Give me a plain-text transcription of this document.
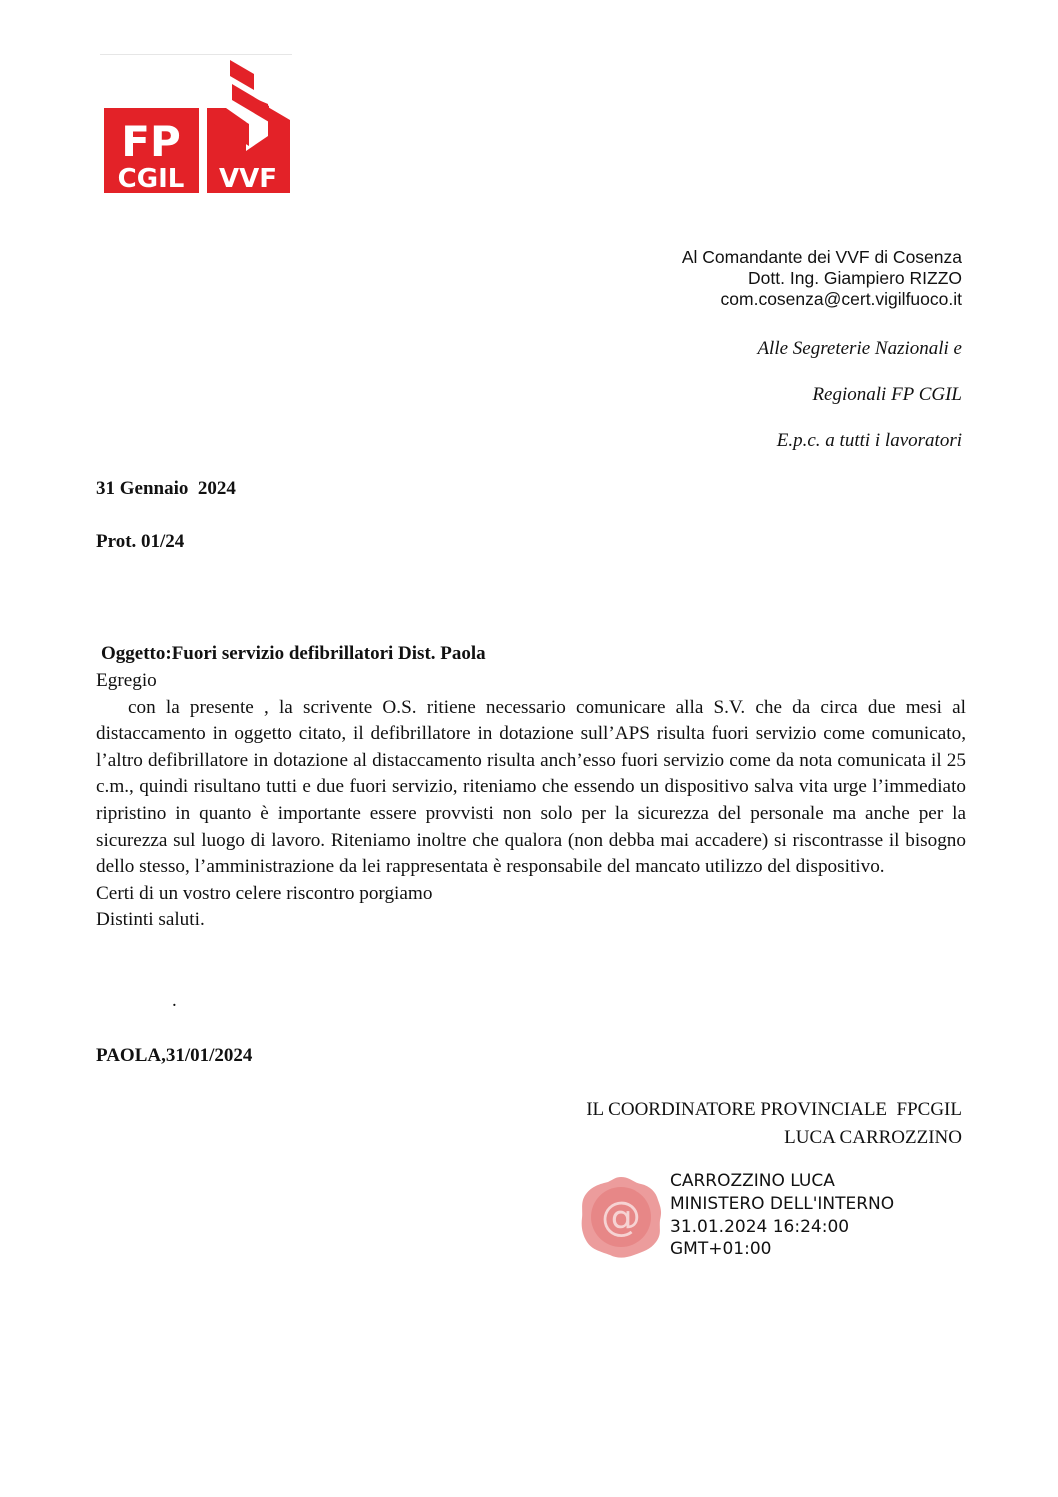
FP
CGIL VVF
Al Comandante dei VVF di Cosenza
Dott. Ing. Giampiero RIZZO
com.cosenza@cert.vigilfuoco.it
Alle Segreterie Nazionali e
Regionali FP CGIL
E.p.c. a tutti i lavoratori
31 Gennaio  2024
Prot. 01/24
Oggetto:Fuori servizio defibrillatori Dist. Paola

Egregio

con la presente , la scrivente O.S. ritiene necessario comunicare alla S.V. che da circa due mesi al distaccamento in oggetto citato, il defibrillatore in dotazione sull’APS risulta fuori servizio come comunicato, l’altro defibrillatore in dotazione al distaccamento risulta anch’esso fuori servizio come da nota comunicata il 25 c.m., quindi risultano tutti e due fuori servizio, riteniamo che essendo un dispositivo salva vita urge l’immediato ripristino in quanto è importante essere provvisti non solo per la sicurezza del personale ma anche per la sicurezza sul luogo di lavoro. Riteniamo inoltre che qualora (non debba mai accadere) si riscontrasse il bisogno dello stesso, l’amministrazione da lei rappresentata è responsabile del mancato utilizzo del dispositivo.

Certi di un vostro celere riscontro porgiamo

Distinti saluti.

.
PAOLA,31/01/2024
IL COORDINATORE PROVINCIALE  FPCGIL
LUCA CARROZZINO
@
CARROZZINO LUCA
MINISTERO DELL'INTERNO
31.01.2024 16:24:00
GMT+01:00
